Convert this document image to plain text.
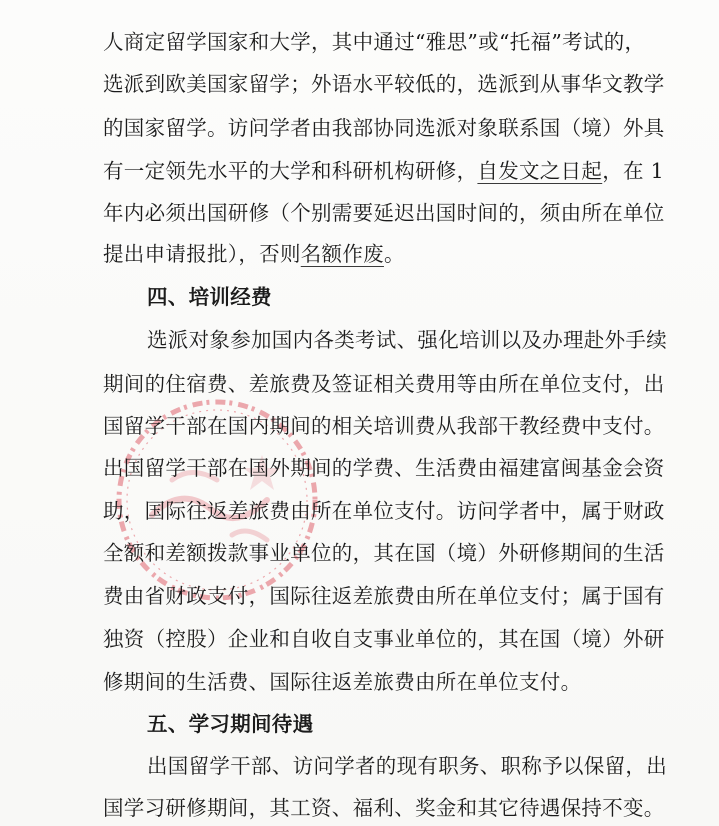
人商定留学国家和大学，其中通过“雅思”或“托福”考试的，
选派到欧美国家留学；外语水平较低的，选派到从事华文教学
的国家留学。访问学者由我部协同选派对象联系国（境）外具
有一定领先水平的大学和科研机构研修，自发文之日起，在 1
年内必须出国研修（个别需要延迟出国时间的，须由所在单位
提出申请报批），否则名额作废。
四、培训经费
选派对象参加国内各类考试、强化培训以及办理赴外手续
期间的住宿费、差旅费及签证相关费用等由所在单位支付，出
国留学干部在国内期间的相关培训费从我部干教经费中支付。
出国留学干部在国外期间的学费、生活费由福建富闽基金会资
助，国际往返差旅费由所在单位支付。访问学者中，属于财政
全额和差额拨款事业单位的，其在国（境）外研修期间的生活
费由省财政支付，国际往返差旅费由所在单位支付；属于国有
独资（控股）企业和自收自支事业单位的，其在国（境）外研
修期间的生活费、国际往返差旅费由所在单位支付。
五、学习期间待遇
出国留学干部、访问学者的现有职务、职称予以保留，出
国学习研修期间，其工资、福利、奖金和其它待遇保持不变。
